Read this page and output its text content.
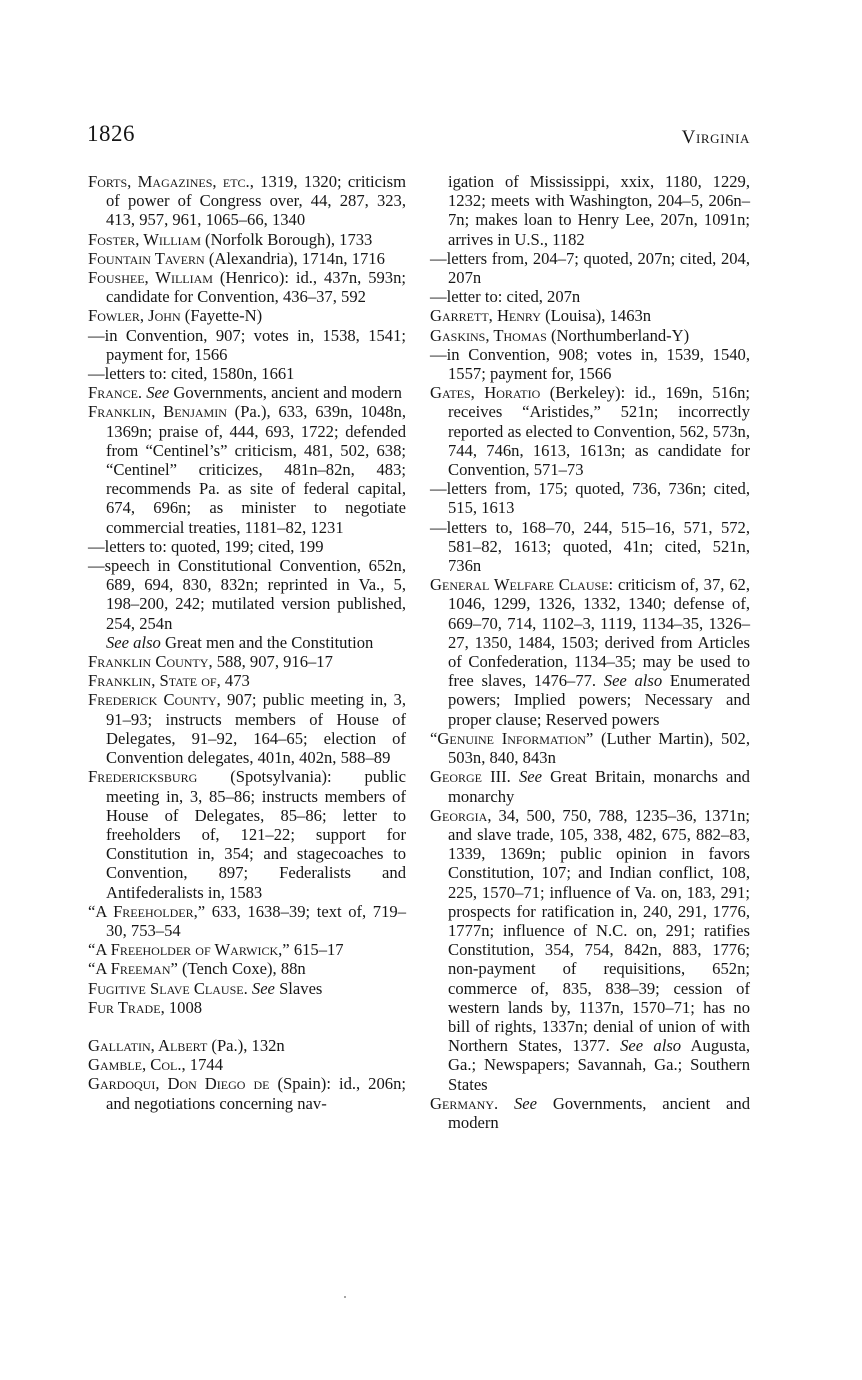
1826	Virginia

Forts, Magazines, etc., 1319, 1320; criticism of power of Congress over, 44, 287, 323, 413, 957, 961, 1065–66, 1340

Foster, William (Norfolk Borough), 1733

Fountain Tavern (Alexandria), 1714n, 1716

Foushee, William (Henrico): id., 437n, 593n; candidate for Convention, 436–37, 592

Fowler, John (Fayette-N)

—in Convention, 907; votes in, 1538, 1541; payment for, 1566

—letters to: cited, 1580n, 1661

France. See Governments, ancient and modern

Franklin, Benjamin (Pa.), 633, 639n, 1048n, 1369n; praise of, 444, 693, 1722; defended from “Centinel’s” criticism, 481, 502, 638; “Centinel” criticizes, 481n–82n, 483; recommends Pa. as site of federal capital, 674, 696n; as minister to negotiate commercial treaties, 1181–82, 1231

—letters to: quoted, 199; cited, 199

—speech in Constitutional Convention, 652n, 689, 694, 830, 832n; reprinted in Va., 5, 198–200, 242; mutilated version published, 254, 254n

See also Great men and the Constitution

Franklin County, 588, 907, 916–17

Franklin, State of, 473

Frederick County, 907; public meeting in, 3, 91–93; instructs members of House of Delegates, 91–92, 164–65; election of Convention delegates, 401n, 402n, 588–89

Fredericksburg (Spotsylvania): public meeting in, 3, 85–86; instructs members of House of Delegates, 85–86; letter to freeholders of, 121–22; support for Constitution in, 354; and stagecoaches to Convention, 897; Federalists and Antifederalists in, 1583

“A Freeholder,” 633, 1638–39; text of, 719–30, 753–54

“A Freeholder of Warwick,” 615–17

“A Freeman” (Tench Coxe), 88n

Fugitive Slave Clause. See Slaves

Fur Trade, 1008

Gallatin, Albert (Pa.), 132n

Gamble, Col., 1744

Gardoqui, Don Diego de (Spain): id., 206n; and negotiations concerning nav-

igation of Mississippi, xxix, 1180, 1229, 1232; meets with Washington, 204–5, 206n–7n; makes loan to Henry Lee, 207n, 1091n; arrives in U.S., 1182

—letters from, 204–7; quoted, 207n; cited, 204, 207n

—letter to: cited, 207n

Garrett, Henry (Louisa), 1463n

Gaskins, Thomas (Northumberland-Y)

—in Convention, 908; votes in, 1539, 1540, 1557; payment for, 1566

Gates, Horatio (Berkeley): id., 169n, 516n; receives “Aristides,” 521n; incorrectly reported as elected to Convention, 562, 573n, 744, 746n, 1613, 1613n; as candidate for Convention, 571–73

—letters from, 175; quoted, 736, 736n; cited, 515, 1613

—letters to, 168–70, 244, 515–16, 571, 572, 581–82, 1613; quoted, 41n; cited, 521n, 736n

General Welfare Clause: criticism of, 37, 62, 1046, 1299, 1326, 1332, 1340; defense of, 669–70, 714, 1102–3, 1119, 1134–35, 1326–27, 1350, 1484, 1503; derived from Articles of Confederation, 1134–35; may be used to free slaves, 1476–77. See also Enumerated powers; Implied powers; Necessary and proper clause; Reserved powers

“Genuine Information” (Luther Martin), 502, 503n, 840, 843n

George III. See Great Britain, monarchs and monarchy

Georgia, 34, 500, 750, 788, 1235–36, 1371n; and slave trade, 105, 338, 482, 675, 882–83, 1339, 1369n; public opinion in favors Constitution, 107; and Indian conflict, 108, 225, 1570–71; influence of Va. on, 183, 291; prospects for ratification in, 240, 291, 1776, 1777n; influence of N.C. on, 291; ratifies Constitution, 354, 754, 842n, 883, 1776; non-payment of requisitions, 652n; commerce of, 835, 838–39; cession of western lands by, 1137n, 1570–71; has no bill of rights, 1337n; denial of union of with Northern States, 1377. See also Augusta, Ga.; Newspapers; Savannah, Ga.; Southern States

Germany. See Governments, ancient and modern
